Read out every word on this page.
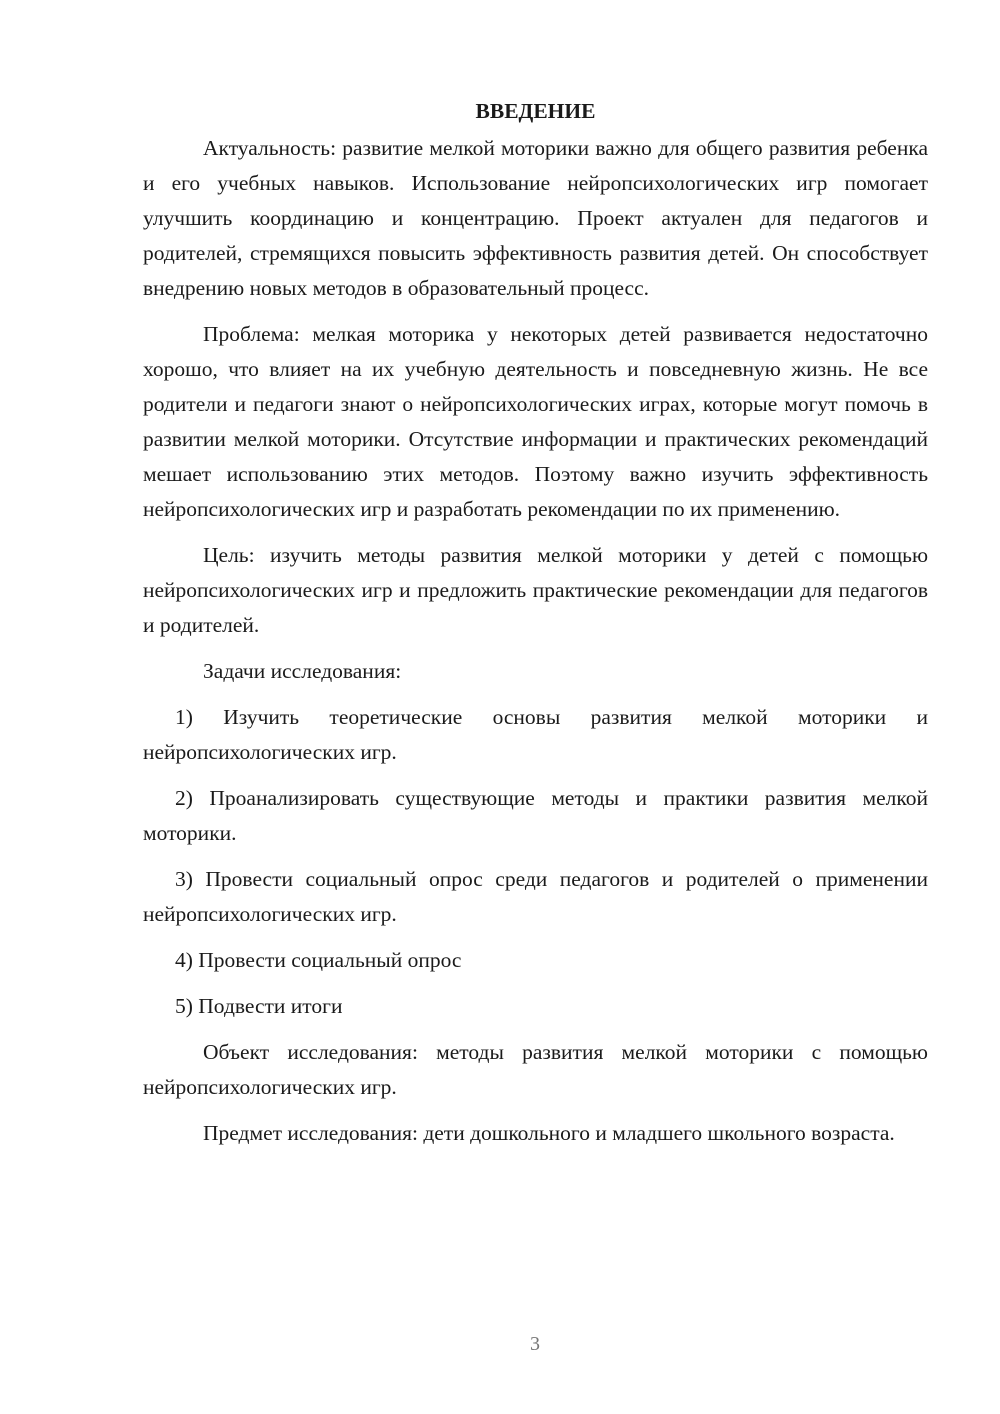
ВВЕДЕНИЕ

Актуальность: развитие мелкой моторики важно для общего развития ребенка и его учебных навыков. Использование нейропсихологических игр помогает улучшить координацию и концентрацию. Проект актуален для педагогов и родителей, стремящихся повысить эффективность развития детей. Он способствует внедрению новых методов в образовательный процесс.

Проблема: мелкая моторика у некоторых детей развивается недостаточно хорошо, что влияет на их учебную деятельность и повседневную жизнь. Не все родители и педагоги знают о нейропсихологических играх, которые могут помочь в развитии мелкой моторики. Отсутствие информации и практических рекомендаций мешает использованию этих методов. Поэтому важно изучить эффективность нейропсихологических игр и разработать рекомендации по их применению.

Цель: изучить методы развития мелкой моторики у детей с помощью нейропсихологических игр и предложить практические рекомендации для педагогов и родителей.

Задачи исследования:

1) Изучить теоретические основы развития мелкой моторики и нейропсихологических игр.

2) Проанализировать существующие методы и практики развития мелкой моторики.

3) Провести социальный опрос среди педагогов и родителей о применении нейропсихологических игр.

4) Провести социальный опрос

5) Подвести итоги

Объект исследования: методы развития мелкой моторики с помощью нейропсихологических игр.

Предмет исследования: дети дошкольного и младшего школьного возраста.

3
